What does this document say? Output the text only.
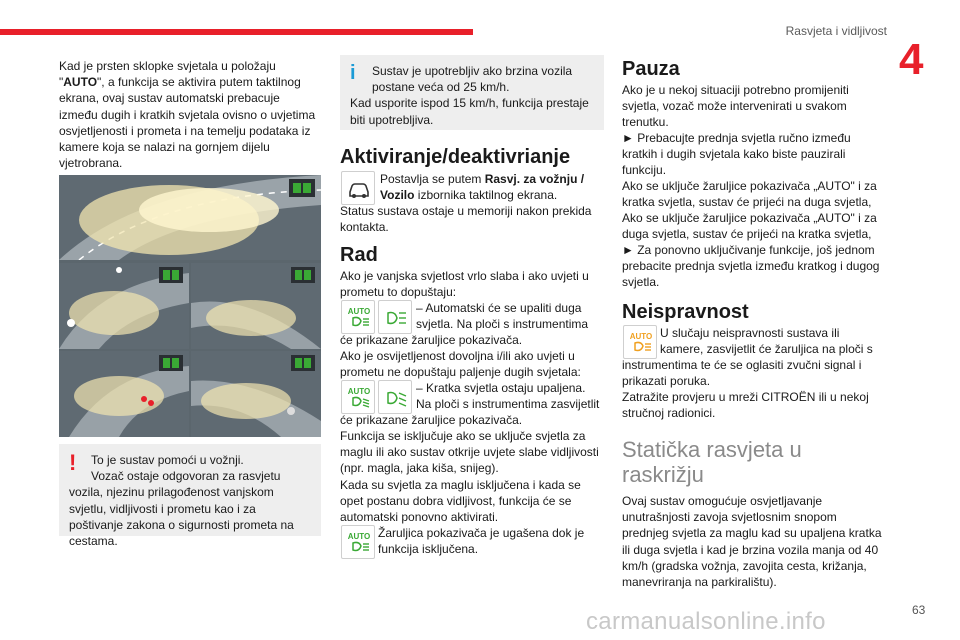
Rasvjeta i vidljivost
4
Kad je prsten sklopke svjetala u položaju "AUTO", a funkcija se aktivira putem taktilnog ekrana, ovaj sustav automatski prebacuje između dugih i kratkih svjetala ovisno o uvjetima osvjetljenosti i prometa i na temelju podataka iz kamere koja se nalazi na gornjem dijelu vjetrobrana.
!	To je sustav pomoći u vožnji.
Vozač ostaje odgovoran za rasvjetu
vozila, njezinu prilagođenost vanjskom svjetlu, vidljivosti i prometu kao i za poštivanje zakona o sigurnosti prometa na cestama.
i	Sustav je upotrebljiv ako brzina vozila
postane veća od 25 km/h.
Kad usporite ispod 15 km/h, funkcija prestaje biti upotrebljiva.
Aktiviranje/deaktivrianje
Postavlja se putem Rasvj. za vožnju /
Vozilo izbornika taktilnog ekrana.
Status sustava ostaje u memoriji nakon prekida kontakta.
Rad
Ako je vanjska svjetlost vrlo slaba i ako uvjeti u prometu to dopuštaju:
AUTO	– Automatski će se upaliti duga
svjetla. Na ploči s instrumentima
će prikazane žaruljice pokazivača.
Ako je osvijetljenost dovoljna i/ili ako uvjeti u prometu ne dopuštaju paljenje dugih svjetala:
AUTO	– Kratka svjetla ostaju upaljena.
Na ploči s instrumentima zasvijetlit
će prikazane žaruljice pokazivača.
Funkcija se isključuje ako se uključe svjetla za maglu ili ako sustav otkrije uvjete slabe vidljivosti (npr. magla, jaka kiša, snijeg).
Kada su svjetla za maglu isključena i kada se opet postanu dobra vidljivost, funkcija će se automatski ponovno aktivirati.
AUTO Žaruljica pokazivača je ugašena dok je
funkcija isključena.
Pauza
Ako je u nekoj situaciji potrebno promijeniti svjetla, vozač može intervenirati u svakom trenutku.
► Prebacujte prednja svjetla ručno između kratkih i dugih svjetala kako biste pauzirali funkciju.
Ako se uključe žaruljice pokazivača „AUTO" i za kratka svjetla, sustav će prijeći na duga svjetla,
Ako se uključe žaruljice pokazivača „AUTO" i za duga svjetla, sustav će prijeći na kratka svjetla,
► Za ponovno uključivanje funkcije, još jednom prebacite prednja svjetla između kratkog i dugog svjetla.
Neispravnost
AUTO U slučaju neispravnosti sustava ili
kamere, zasvijetlit će žaruljica na ploči s
instrumentima te će se oglasiti zvučni signal i prikazati poruka.
Zatražite provjeru u mreži CITROËN ili u nekoj stručnoj radionici.
Statička rasvjeta u
raskrižju
Ovaj sustav omogućuje osvjetljavanje unutrašnjosti zavoja svjetlosnim snopom prednjeg svjetla za maglu kad su upaljena kratka ili duga svjetla i kad je brzina vozila manja od 40 km/h (gradska vožnja, zavojita cesta, križanja, manevriranja na parkiralištu).
carmanualsonline.info	63
